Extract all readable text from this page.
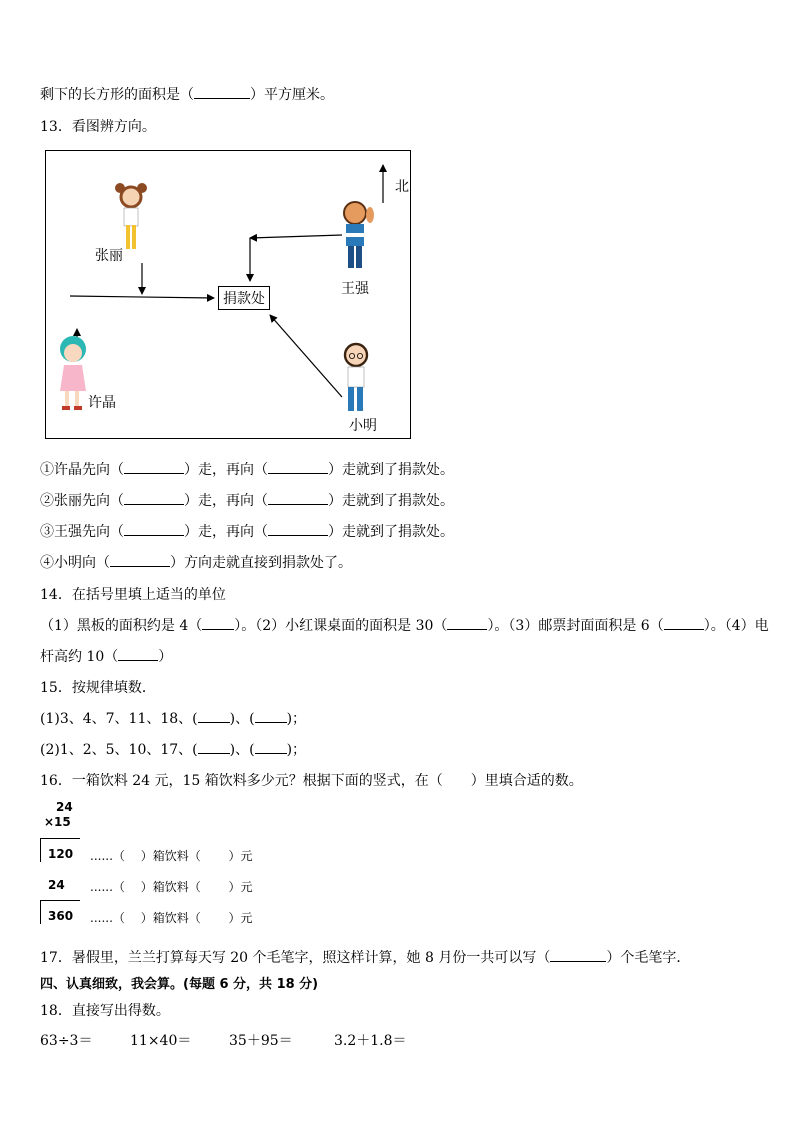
剩下的长方形的面积是（	）平方厘米。
13．看图辨方向。
北
张丽
王强
许晶
小明
捐款处
①许晶先向（	）走，再向（	）走就到了捐款处。
②张丽先向（	）走，再向（	）走就到了捐款处。
③王强先向（	）走，再向（	）走就到了捐款处。
④小明向（	）方向走就直接到捐款处了。
14．在括号里填上适当的单位
（1）黑板的面积约是 4（ ）。（2）小红课桌面的面积是 30（	）。（3）邮票封面面积是 6（	）。（4）电
杆高约 10（	）
15．按规律填数．
(1)3、4、7、11、18、( )、( )；
(2)1、2、5、10、17、( )、( )；
16．一箱饮料 24 元，15 箱饮料多少元？根据下面的竖式，在（　　）里填合适的数。
24
×15
120 ......（　 ）箱饮料（　　 ）元
24 ......（　 ）箱饮料（　　 ）元
360 ......（　 ）箱饮料（　　 ）元
17．暑假里，兰兰打算每天写 20 个毛笔字，照这样计算，她 8 月份一共可以写（	）个毛笔字．
四、认真细致，我会算。(每题 6 分，共 18 分)
18．直接写出得数。
63÷3＝	11×40＝	35＋95＝	3.2＋1.8＝
